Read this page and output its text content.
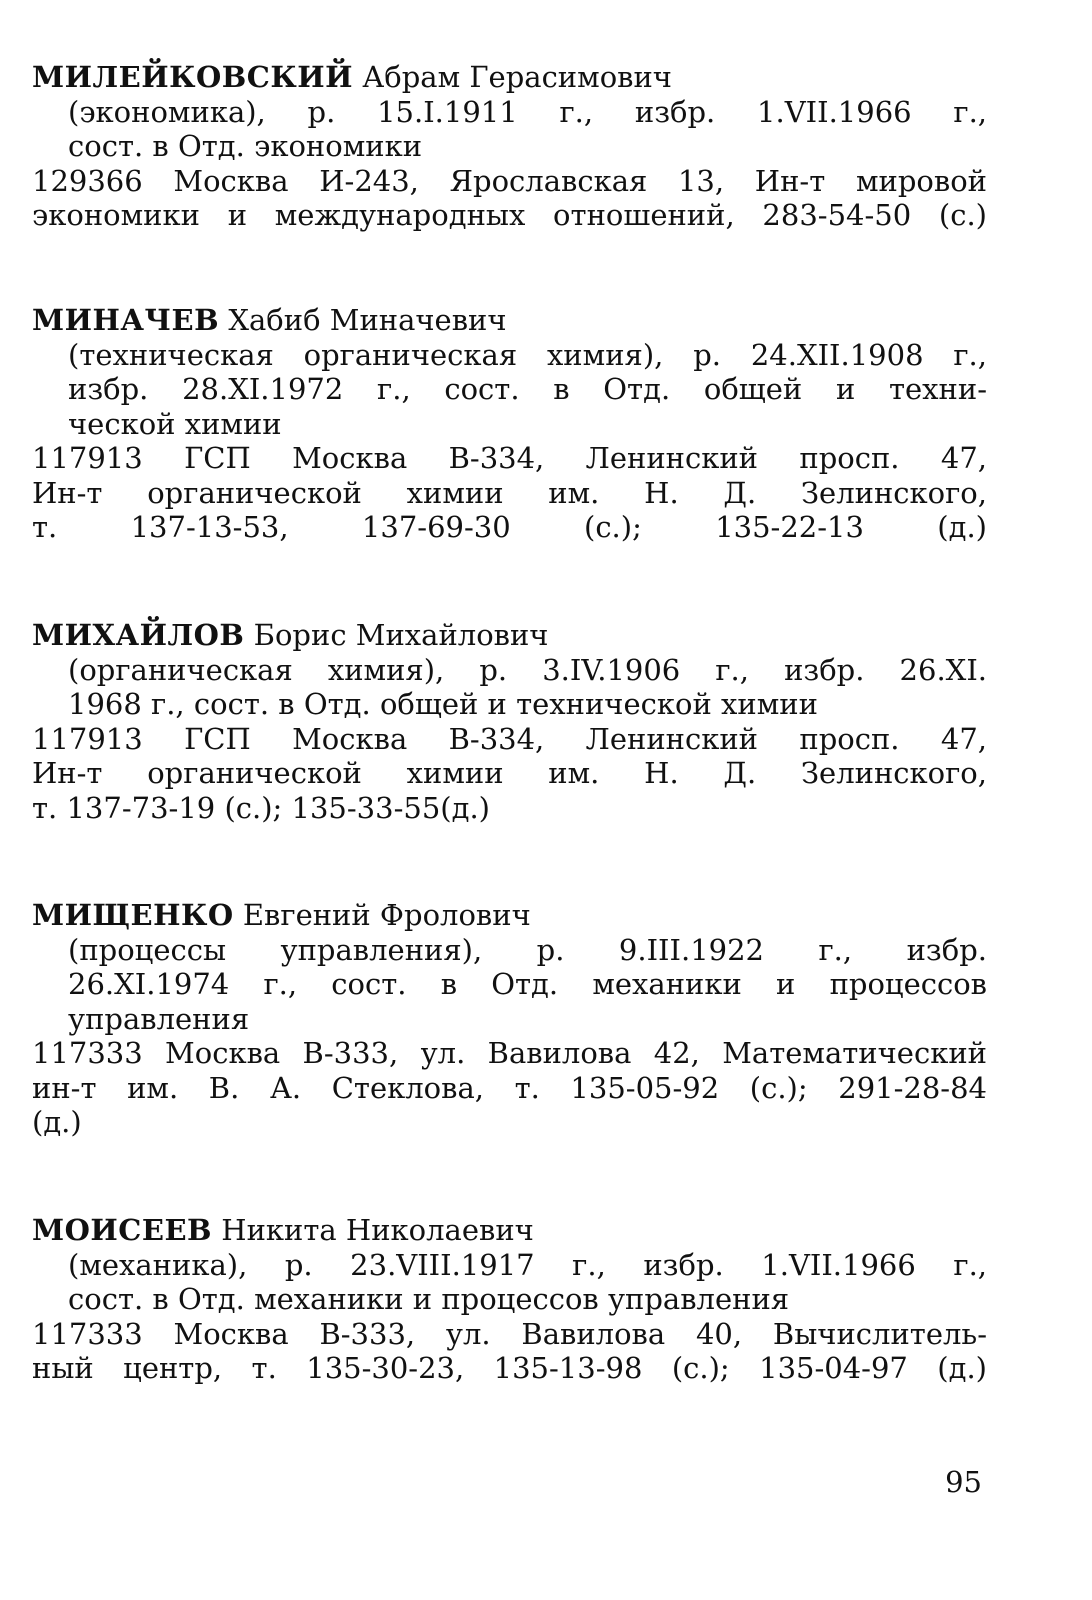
МИЛЕЙКОВСКИЙ Абрам Герасимович
(экономика), р. 15.I.1911 г., избр. 1.VII.1966 г.,
сост. в Отд. экономики
129366 Москва И-243, Ярославская 13, Ин-т мировой
экономики и международных отношений, 283-54-50 (с.)
МИНАЧЕВ Хабиб Миначевич
(техническая органическая химия), р. 24.XII.1908 г.,
избр. 28.XI.1972 г., сост. в Отд. общей и техни-
ческой химии
117913 ГСП Москва В-334, Ленинский просп. 47,
Ин-т органической химии им. Н. Д. Зелинского,
т. 137-13-53, 137-69-30 (с.); 135-22-13 (д.)
МИХАЙЛОВ Борис Михайлович
(органическая химия), р. 3.IV.1906 г., избр. 26.XI.
1968 г., сост. в Отд. общей и технической химии
117913 ГСП Москва В-334, Ленинский просп. 47,
Ин-т органической химии им. Н. Д. Зелинского,
т. 137-73-19 (с.); 135-33-55(д.)
МИЩЕНКО Евгений Фролович
(процессы управления), р. 9.III.1922 г., избр.
26.XI.1974 г., сост. в Отд. механики и процессов
управления
117333 Москва В-333, ул. Вавилова 42, Математический
ин-т им. В. А. Стеклова, т. 135-05-92 (с.); 291-28-84
(д.)
МОИСЕЕВ Никита Николаевич
(механика), р. 23.VIII.1917 г., избр. 1.VII.1966 г.,
сост. в Отд. механики и процессов управления
117333 Москва В-333, ул. Вавилова 40, Вычислитель-
ный центр, т. 135-30-23, 135-13-98 (с.); 135-04-97 (д.)
95
